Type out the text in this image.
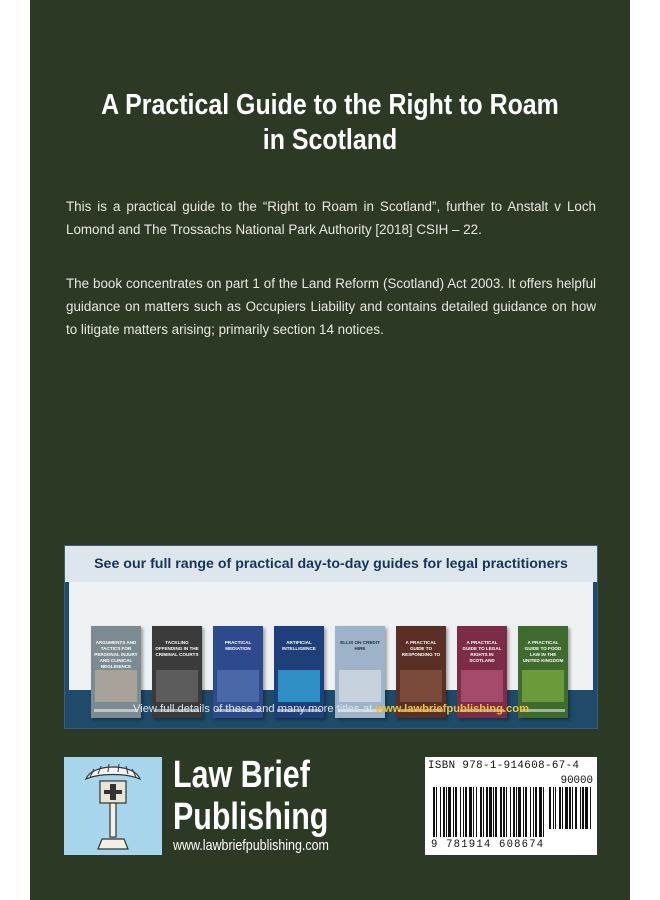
A Practical Guide to the Right to Roam
in Scotland
This is a practical guide to the “Right to Roam in Scotland”, further to Anstalt v Loch Lomond and The Trossachs National Park Authority [2018] CSIH – 22.
The book concentrates on part 1 of the Land Reform (Scotland) Act 2003. It offers helpful guidance on matters such as Occupiers Liability and contains detailed guidance on how to litigate matters arising; primarily section 14 notices.
See our full range of practical day-to-day guides for legal practitioners
ARGUMENTS AND TACTICS FOR PERSONAL INJURY AND CLINICAL NEGLIGENCE
TACKLING OFFENDING IN THE CRIMINAL COURTS
PRACTICAL MEDIATION
ARTIFICIAL INTELLIGENCE
ELLIS ON CREDIT HIRE
A PRACTICAL GUIDE TO RESPONDING TO
A PRACTICAL GUIDE TO LEGAL RIGHTS IN SCOTLAND
A PRACTICAL GUIDE TO FOOD LAW IN THE UNITED KINGDOM
View full details of these and many more titles at www.lawbriefpublishing.com
Law Brief
Publishing
www.lawbriefpublishing.com
ISBN 978-1-914608-67-4
90000
9 781914 608674
